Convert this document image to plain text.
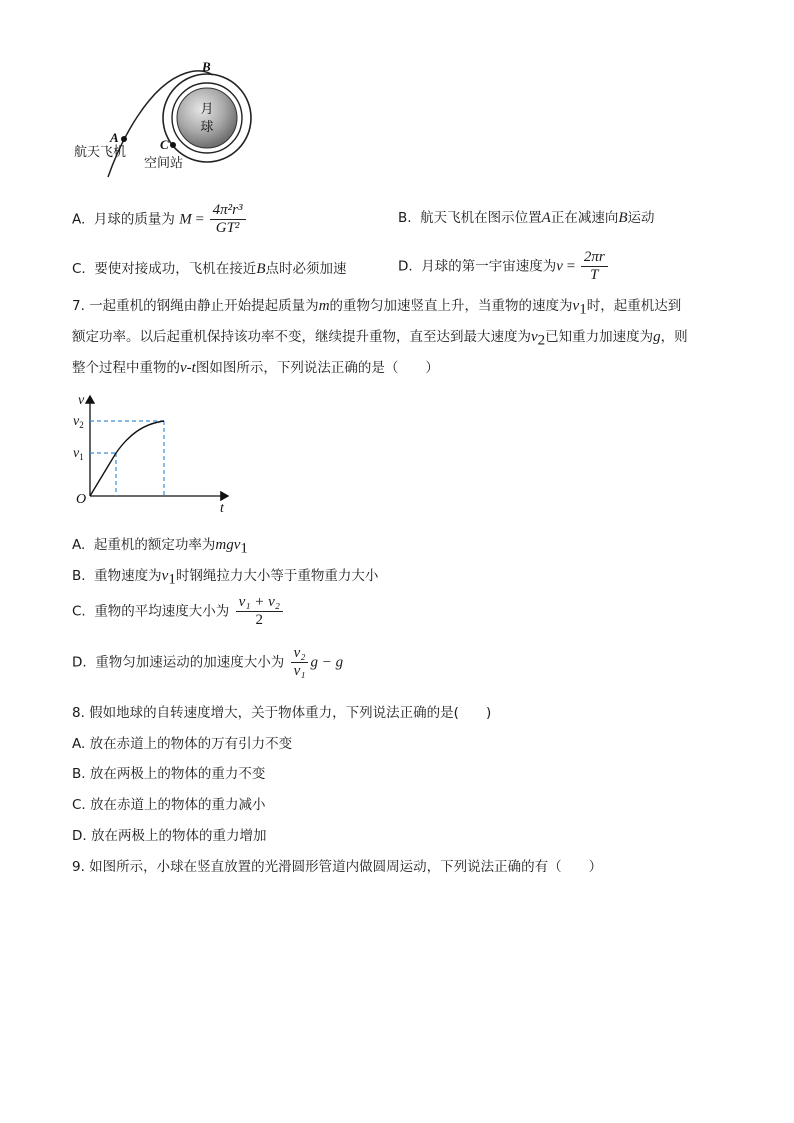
月
球
A	C
B
航天飞机
空间站
A. 月球的质量为 $M = \frac{\text{4π²r³}}{\text{GT²}}$	B. 航天飞机在图示位置A正在减速向B运动
C. 要使对接成功，飞机在接近B点时必须加速	D. 月球的第一宇宙速度为$v = \frac{2\pi r}{T}$
7. 一起重机的钢绳由静止开始提起质量为m的重物匀加速竖直上升，当重物的速度为$v_1$时，起重机达到
额定功率。以后起重机保持该功率不变，继续提升重物，直至达到最大速度为$v_2$已知重力加速度为g，则
整个过程中重物的v-t图如图所示，下列说法正确的是（　　）
v
t
O
$v_2$
$v_1$
A. 起重机的额定功率为mgv$_1$
B. 重物速度为$v_1$时钢绳拉力大小等于重物重力大小
C. 重物的平均速度大小为 $\frac{\text{v₁ + v₂}}{2}$
D. 重物匀加速运动的加速度大小为 $\frac{\text{v₂}}{\text{v₁}}$ g − g
8. 假如地球的自转速度增大，关于物体重力，下列说法正确的是(　　)
A. 放在赤道上的物体的万有引力不变
B. 放在两极上的物体的重力不变
C. 放在赤道上的物体的重力减小
D. 放在两极上的物体的重力增加
9. 如图所示，小球在竖直放置的光滑圆形管道内做圆周运动，下列说法正确的有（　　）
